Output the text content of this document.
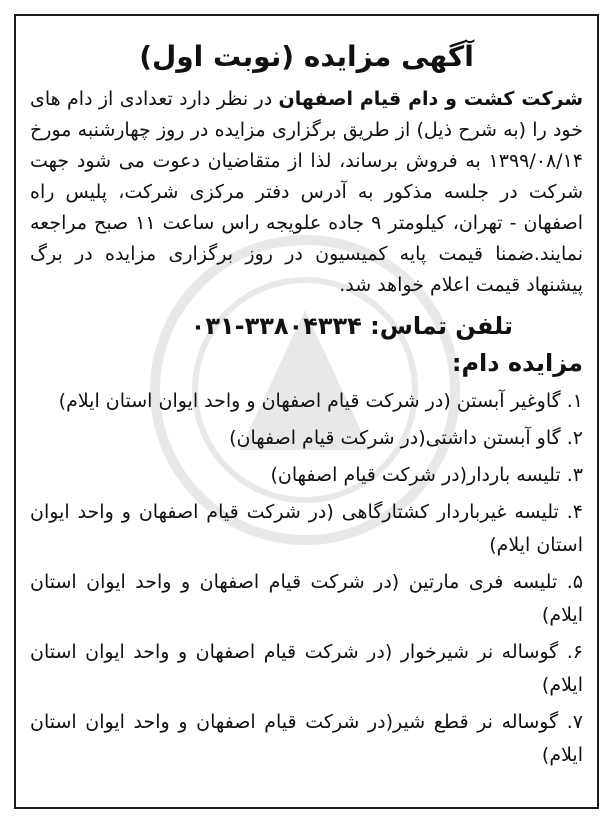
آگهی مزایده (نوبت اول)

شرکت کشت و دام قیام اصفهان در نظر دارد تعدادی از دام های خود را (به شرح ذیل) از طریق برگزاری مزایده در روز چهارشنبه مورخ ۱۳۹۹/۰۸/۱۴ به فروش برساند، لذا از متقاضیان دعوت می شود جهت شرکت در جلسه مذکور به آدرس دفتر مرکزی شرکت، پلیس راه اصفهان - تهران، کیلومتر ۹ جاده علویجه راس ساعت ۱۱ صبح مراجعه نمایند.ضمنا قیمت پایه کمیسیون در روز برگزاری مزایده در برگ پیشنهاد قیمت اعلام خواهد شد.

تلفن تماس: ۰۳۱-۳۳۸۰۴۳۳۴
مزایده دام:
۱. گاوغیر آبستن (در شرکت قیام اصفهان و واحد ایوان استان ایلام)
۲. گاو آبستن داشتی(در شرکت قیام اصفهان)
۳. تلیسه باردار(در شرکت قیام اصفهان)
۴. تلیسه غیرباردار کشتارگاهی (در شرکت قیام اصفهان و واحد ایوان استان ایلام)
۵. تلیسه فری مارتین (در شرکت قیام اصفهان و واحد ایوان استان ایلام)
۶. گوساله نر شیرخوار (در شرکت قیام اصفهان و واحد ایوان استان ایلام)
۷. گوساله نر قطع شیر(در شرکت قیام اصفهان و واحد ایوان استان ایلام)
